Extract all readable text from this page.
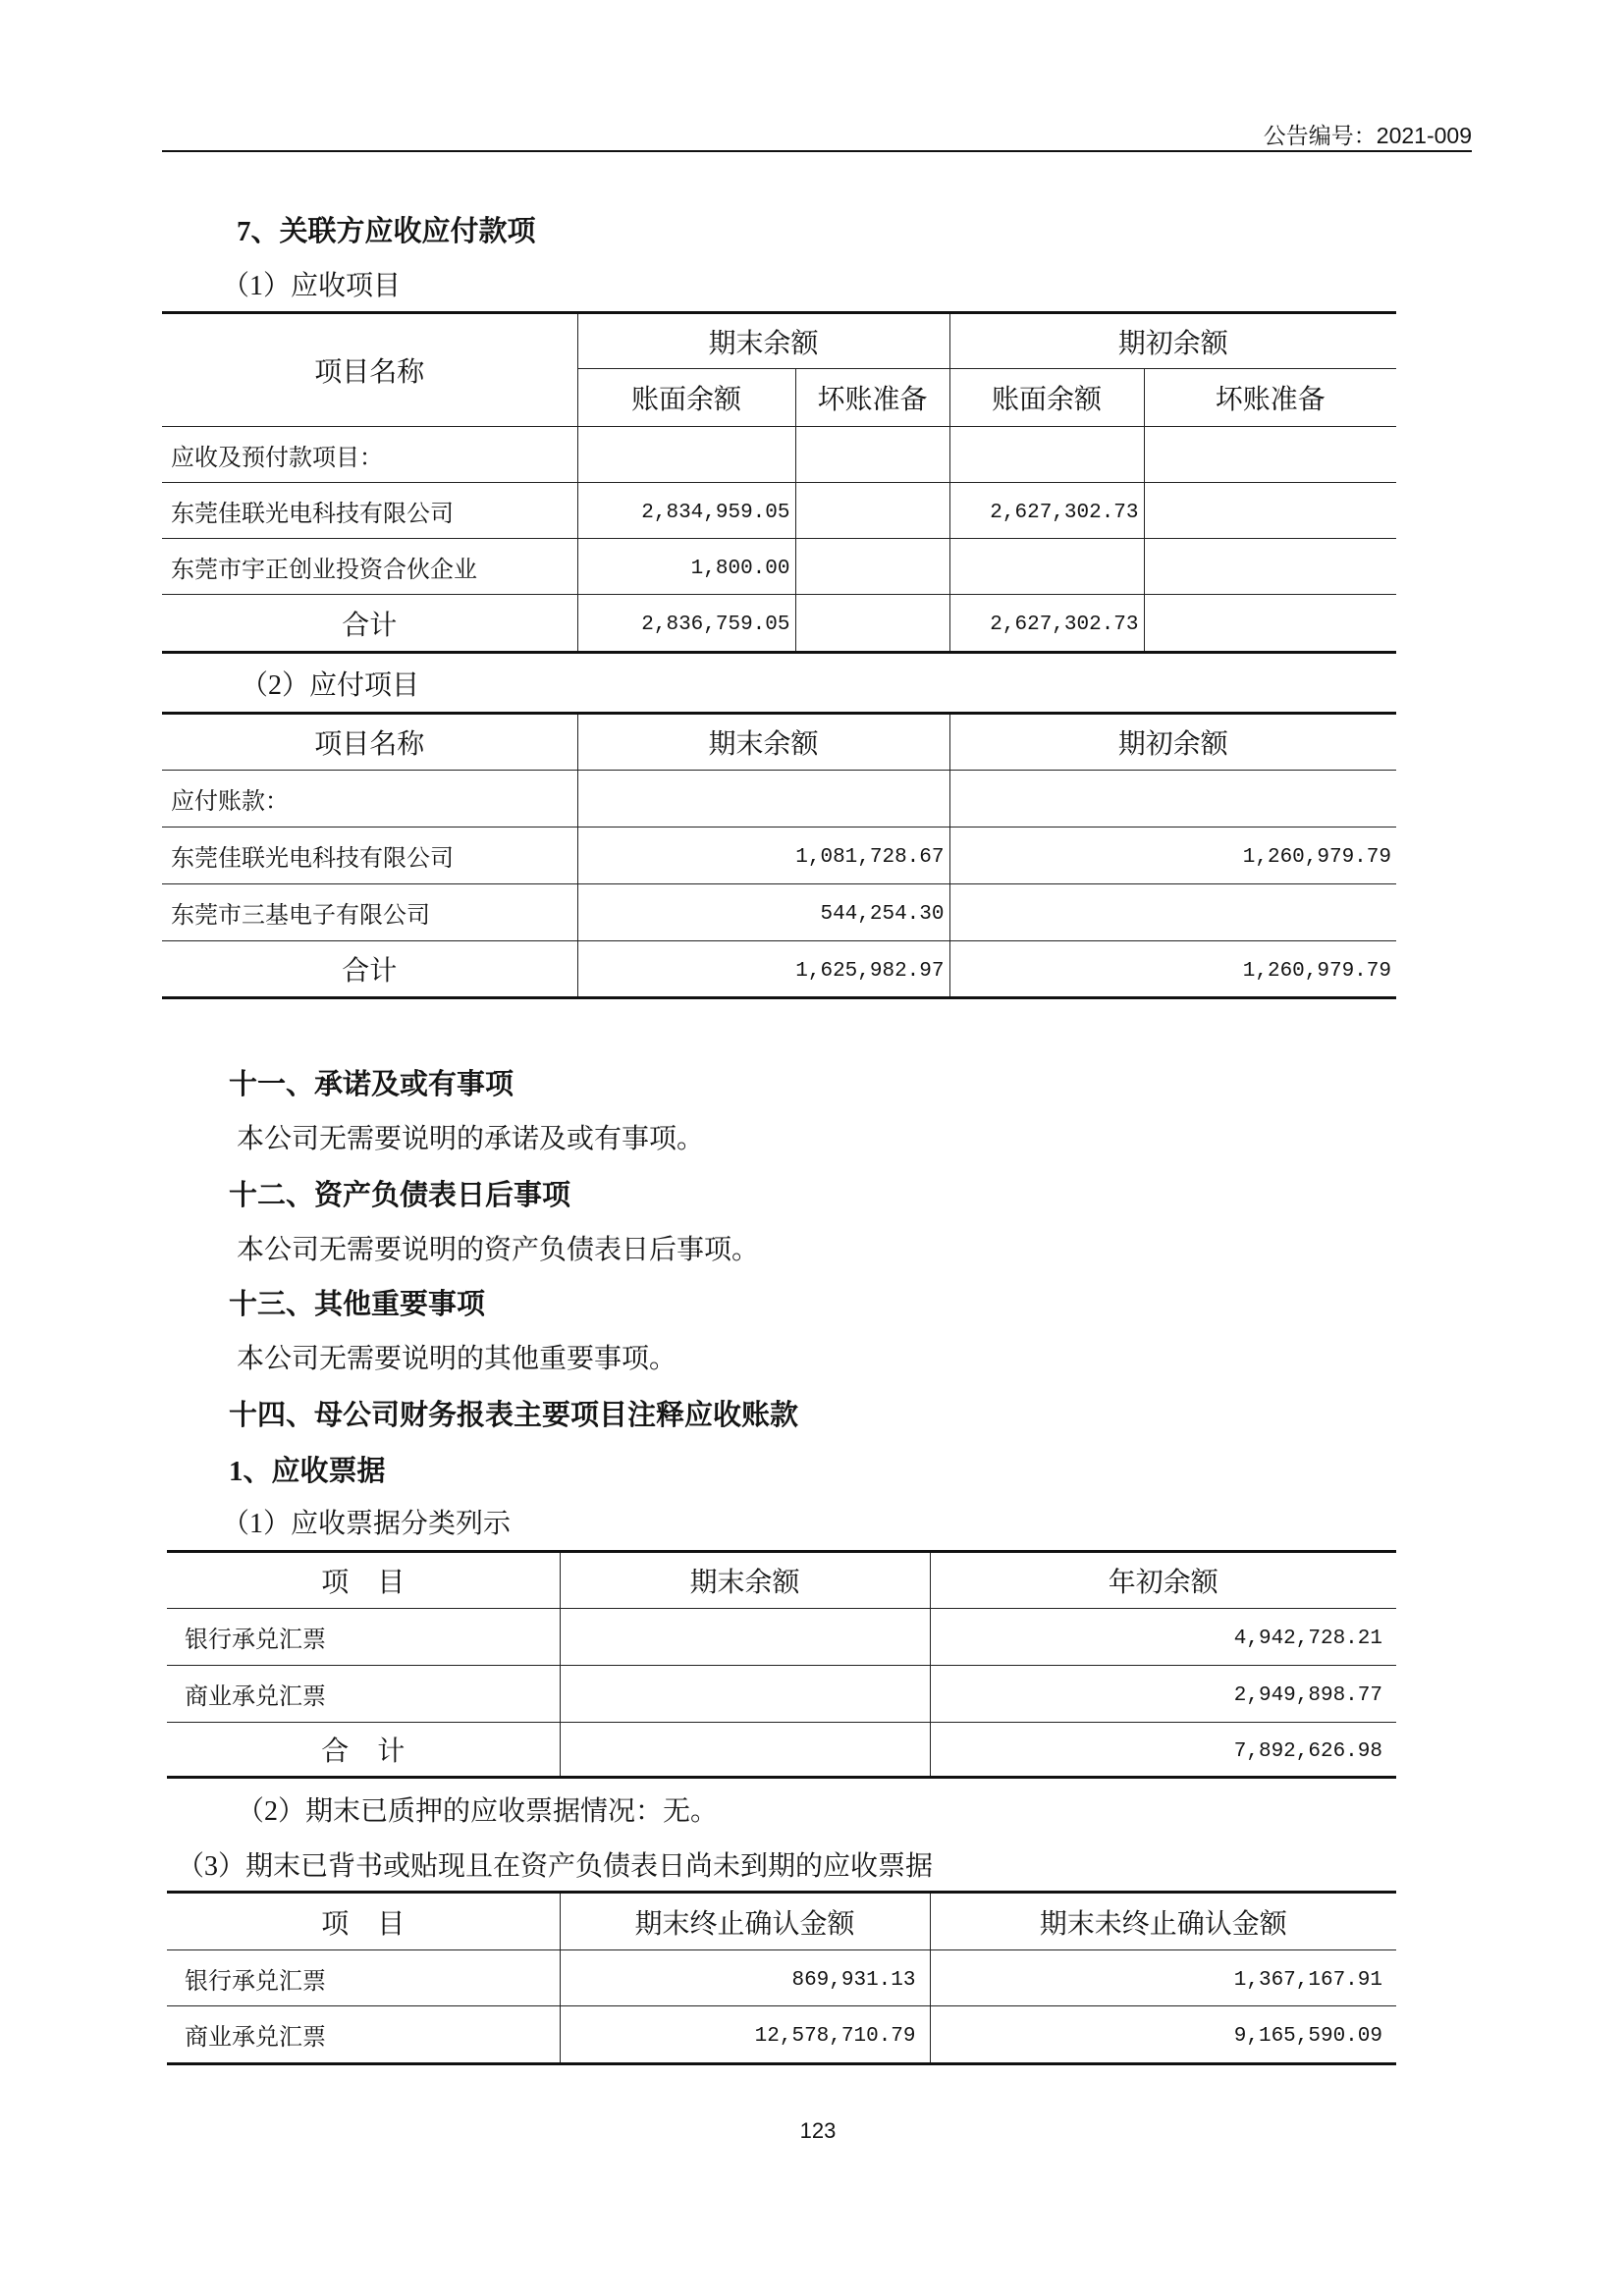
公告编号：2021-009
7、关联方应收应付款项
（1）应收项目
项目名称	期末余额		期初余额	
	账面余额	坏账准备	账面余额	坏账准备
应收及预付款项目：				
东莞佳联光电科技有限公司	2,834,959.05		2,627,302.73	
东莞市宇正创业投资合伙企业	1,800.00			
合计	2,836,759.05		2,627,302.73	
（2）应付项目
项目名称	期末余额	期初余额
应付账款：		
东莞佳联光电科技有限公司	1,081,728.67	1,260,979.79
东莞市三基电子有限公司	544,254.30	
合计	1,625,982.97	1,260,979.79
十一、承诺及或有事项
本公司无需要说明的承诺及或有事项。
十二、资产负债表日后事项
本公司无需要说明的资产负债表日后事项。
十三、其他重要事项
本公司无需要说明的其他重要事项。
十四、母公司财务报表主要项目注释应收账款
1、应收票据
（1）应收票据分类列示
项 目	期末余额	年初余额
银行承兑汇票		4,942,728.21
商业承兑汇票		2,949,898.77
合 计		7,892,626.98
（2）期末已质押的应收票据情况：无。
（3）期末已背书或贴现且在资产负债表日尚未到期的应收票据
项 目	期末终止确认金额	期末未终止确认金额
银行承兑汇票	869,931.13	1,367,167.91
商业承兑汇票	12,578,710.79	9,165,590.09
123
